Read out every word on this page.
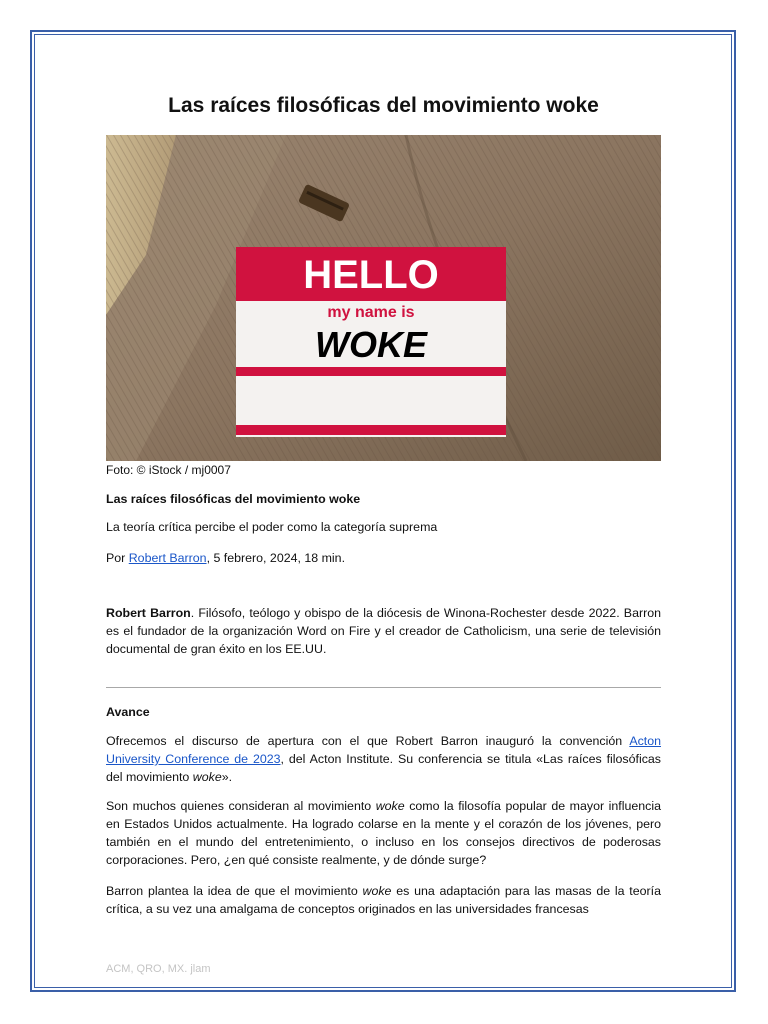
Las raíces filosóficas del movimiento woke
HELLO
my name is
WOKE
Foto: © iStock / mj0007

Las raíces filosóficas del movimiento woke

La teoría crítica percibe el poder como la categoría suprema

Por Robert Barron, 5 febrero, 2024, 18 min.

Robert Barron. Filósofo, teólogo y obispo de la diócesis de Winona-Rochester desde 2022. Barron es el fundador de la organización Word on Fire y el creador de Catholicism, una serie de televisión documental de gran éxito en los EE.UU.

Avance

Ofrecemos el discurso de apertura con el que Robert Barron inauguró la convención Acton University Conference de 2023, del Acton Institute. Su conferencia se titula «Las raíces filosóficas del movimiento woke».

Son muchos quienes consideran al movimiento woke como la filosofía popular de mayor influencia en Estados Unidos actualmente. Ha logrado colarse en la mente y el corazón de los jóvenes, pero también en el mundo del entretenimiento, o incluso en los consejos directivos de poderosas corporaciones. Pero, ¿en qué consiste realmente, y de dónde surge?

Barron plantea la idea de que el movimiento woke es una adaptación para las masas de la teoría crítica, a su vez una amalgama de conceptos originados en las universidades francesas

ACM, QRO, MX. jlam
